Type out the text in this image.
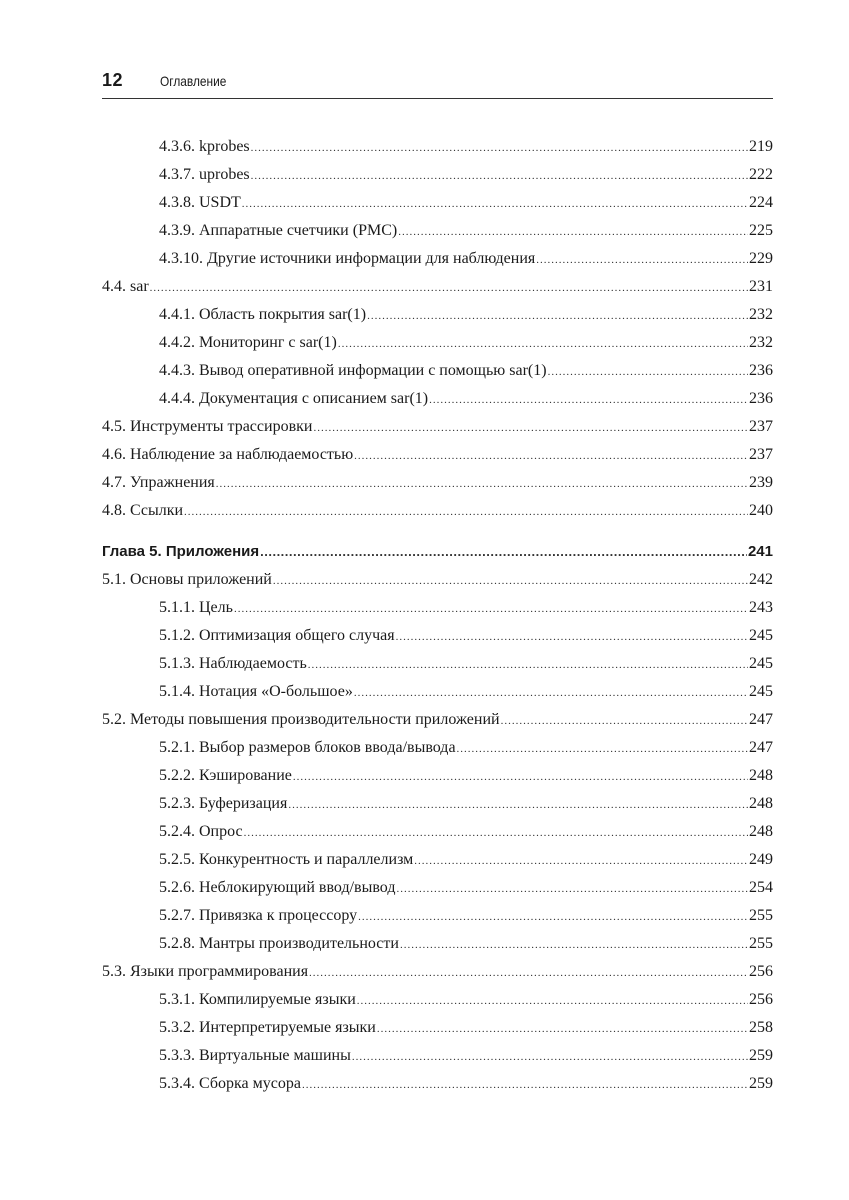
12	Оглавление
4.3.6. kprobes .....	219
4.3.7. uprobes .....	222
4.3.8. USDT .....	224
4.3.9. Аппаратные счетчики (PMC) .....	225
4.3.10. Другие источники информации для наблюдения .....	229
4.4. sar .....	231
4.4.1. Область покрытия sar(1) .....	232
4.4.2. Мониторинг с sar(1) .....	232
4.4.3. Вывод оперативной информации с помощью sar(1) .....	236
4.4.4. Документация с описанием sar(1) .....	236
4.5. Инструменты трассировки .....	237
4.6. Наблюдение за наблюдаемостью .....	237
4.7. Упражнения .....	239
4.8. Ссылки .....	240
Глава 5. Приложения .....	241
5.1. Основы приложений .....	242
5.1.1. Цель .....	243
5.1.2. Оптимизация общего случая .....	245
5.1.3. Наблюдаемость .....	245
5.1.4. Нотация «О-большое» .....	245
5.2. Методы повышения производительности приложений .....	247
5.2.1. Выбор размеров блоков ввода/вывода .....	247
5.2.2. Кэширование .....	248
5.2.3. Буферизация .....	248
5.2.4. Опрос .....	248
5.2.5. Конкурентность и параллелизм .....	249
5.2.6. Неблокирующий ввод/вывод .....	254
5.2.7. Привязка к процессору .....	255
5.2.8. Мантры производительности .....	255
5.3. Языки программирования .....	256
5.3.1. Компилируемые языки .....	256
5.3.2. Интерпретируемые языки .....	258
5.3.3. Виртуальные машины .....	259
5.3.4. Сборка мусора .....	259
